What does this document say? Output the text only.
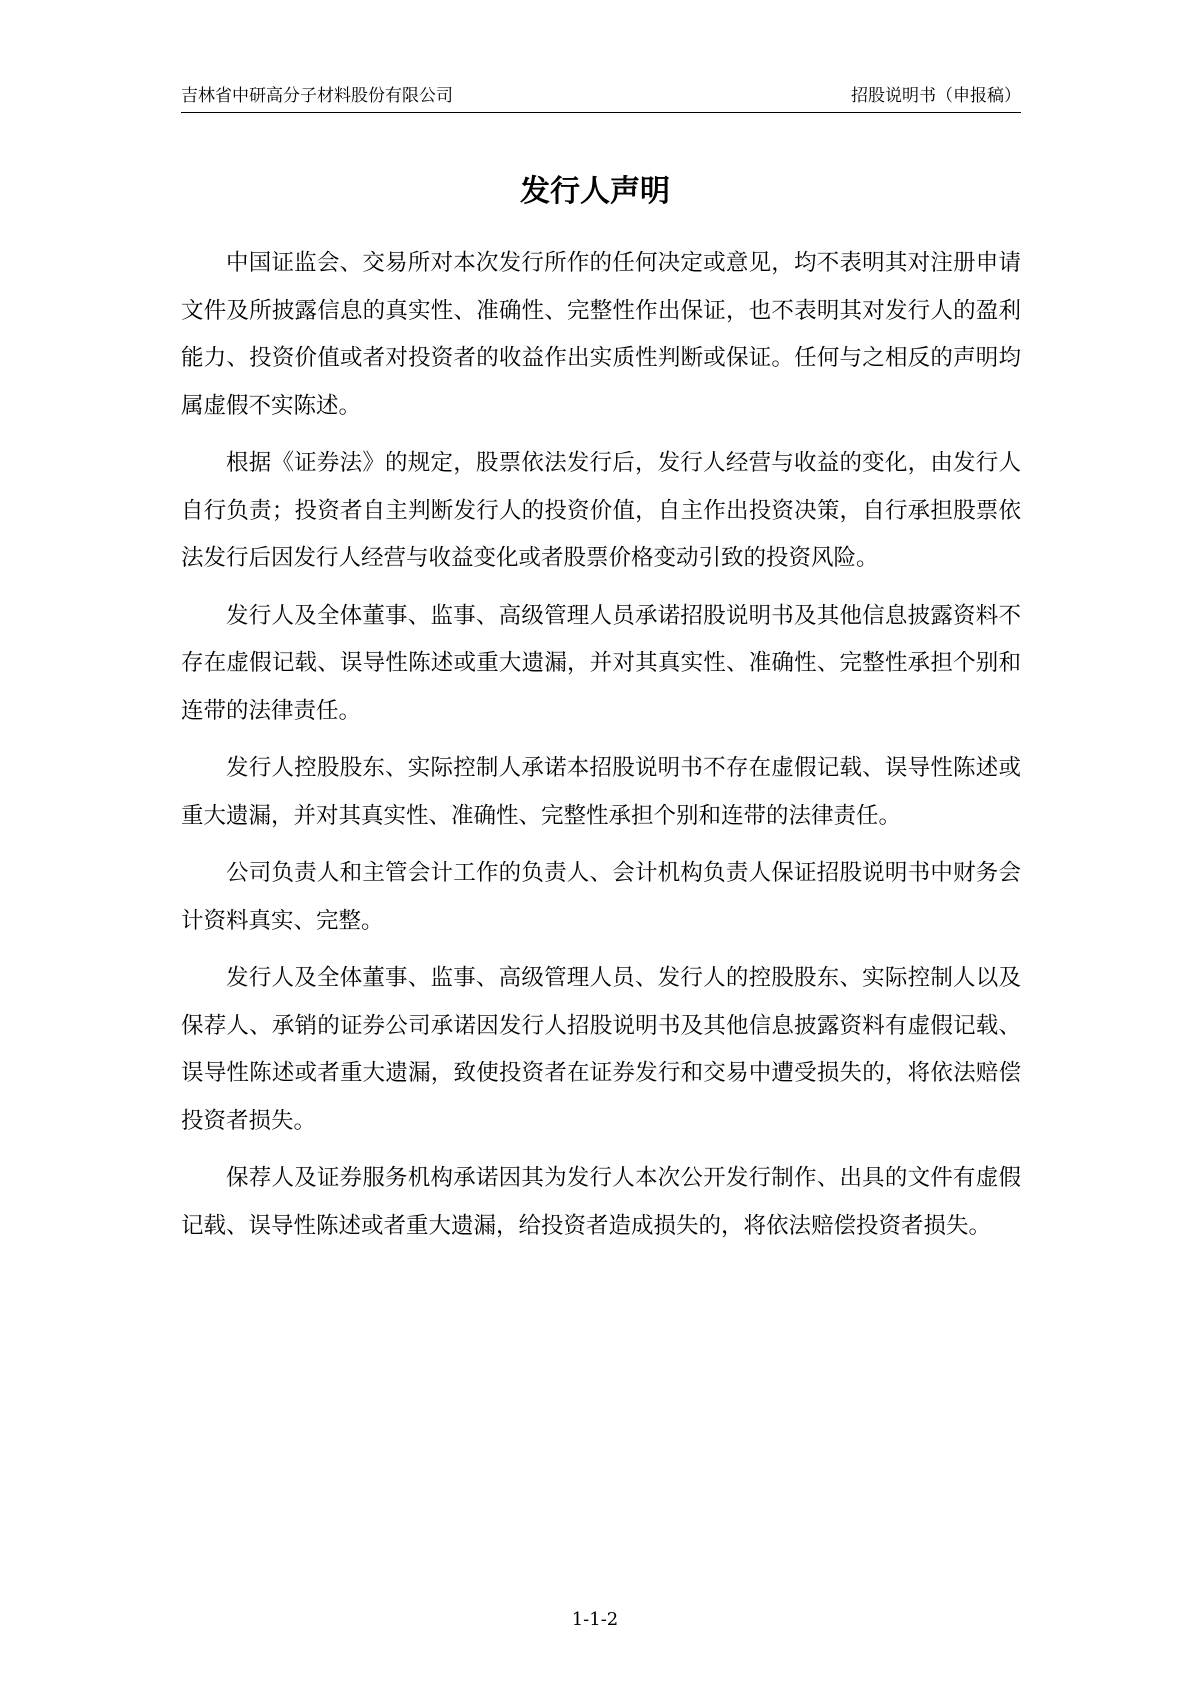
吉林省中研高分子材料股份有限公司	招股说明书（申报稿）
发行人声明

中国证监会、交易所对本次发行所作的任何决定或意见，均不表明其对注册申请文件及所披露信息的真实性、准确性、完整性作出保证，也不表明其对发行人的盈利能力、投资价值或者对投资者的收益作出实质性判断或保证。任何与之相反的声明均属虚假不实陈述。

根据《证券法》的规定，股票依法发行后，发行人经营与收益的变化，由发行人自行负责；投资者自主判断发行人的投资价值，自主作出投资决策，自行承担股票依法发行后因发行人经营与收益变化或者股票价格变动引致的投资风险。

发行人及全体董事、监事、高级管理人员承诺招股说明书及其他信息披露资料不存在虚假记载、误导性陈述或重大遗漏，并对其真实性、准确性、完整性承担个别和连带的法律责任。

发行人控股股东、实际控制人承诺本招股说明书不存在虚假记载、误导性陈述或重大遗漏，并对其真实性、准确性、完整性承担个别和连带的法律责任。

公司负责人和主管会计工作的负责人、会计机构负责人保证招股说明书中财务会计资料真实、完整。

发行人及全体董事、监事、高级管理人员、发行人的控股股东、实际控制人以及保荐人、承销的证券公司承诺因发行人招股说明书及其他信息披露资料有虚假记载、误导性陈述或者重大遗漏，致使投资者在证券发行和交易中遭受损失的，将依法赔偿投资者损失。

保荐人及证券服务机构承诺因其为发行人本次公开发行制作、出具的文件有虚假记载、误导性陈述或者重大遗漏，给投资者造成损失的，将依法赔偿投资者损失。

1-1-2
